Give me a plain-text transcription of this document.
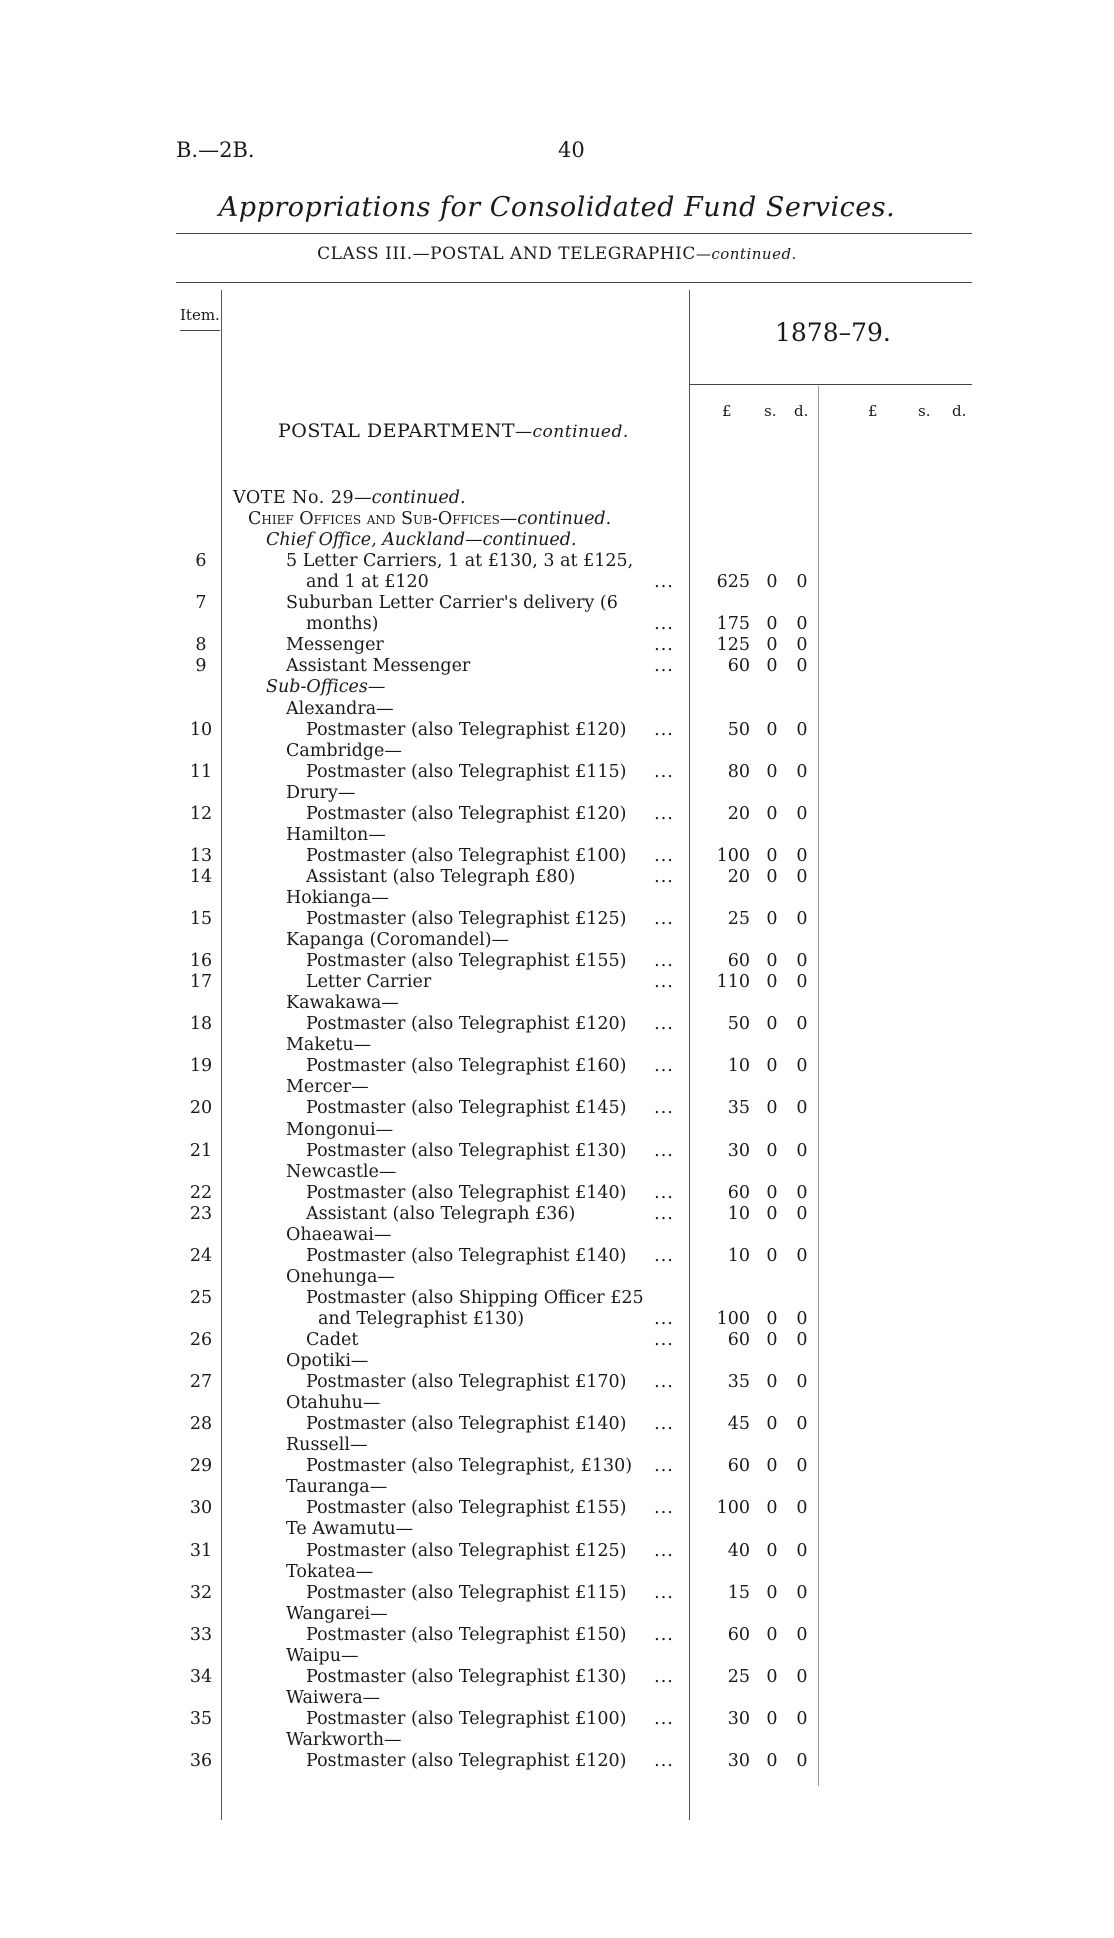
B.—2B.	40
Appropriations for Consolidated Fund Services.
CLASS III.—POSTAL AND TELEGRAPHIC—continued.
Item.
1878–79.
£ s. d.	£	s. d.
POSTAL DEPARTMENT—continued.
VOTE No. 29—continued.
Chief Offices and Sub-Offices—continued.
Chief Office, Auckland—continued.
6	5 Letter Carriers, 1 at £130, 3 at £125,
and 1 at £120	...	625 0 0
7	Suburban Letter Carrier's delivery (6
months)	...	175 0 0
8	Messenger	...	125 0 0
9	Assistant Messenger	...	60 0 0
Sub-Offices—
Alexandra—
10	Postmaster (also Telegraphist £120) ...	50 0 0
Cambridge—
11	Postmaster (also Telegraphist £115) ...	80 0 0
Drury—
12	Postmaster (also Telegraphist £120) ...	20 0 0
Hamilton—
13	Postmaster (also Telegraphist £100) ...	100 0 0
14	Assistant (also Telegraph £80)	...	20 0 0
Hokianga—
15	Postmaster (also Telegraphist £125) ...	25 0 0
Kapanga (Coromandel)—
16	Postmaster (also Telegraphist £155) ...	60 0 0
17	Letter Carrier	...	110 0 0
Kawakawa—
18	Postmaster (also Telegraphist £120) ...	50 0 0
Maketu—
19	Postmaster (also Telegraphist £160) ...	10 0 0
Mercer—
20	Postmaster (also Telegraphist £145) ...	35 0 0
Mongonui—
21	Postmaster (also Telegraphist £130) ...	30 0 0
Newcastle—
22	Postmaster (also Telegraphist £140) ...	60 0 0
23	Assistant (also Telegraph £36)	...	10 0 0
Ohaeawai—
24	Postmaster (also Telegraphist £140) ...	10 0 0
Onehunga—
25	Postmaster (also Shipping Officer £25
and Telegraphist £130)	...	100 0 0
26	Cadet	...	60 0 0
Opotiki—
27	Postmaster (also Telegraphist £170) ...	35 0 0
Otahuhu—
28	Postmaster (also Telegraphist £140) ...	45 0 0
Russell—
29	Postmaster (also Telegraphist, £130) ...	60 0 0
Tauranga—
30	Postmaster (also Telegraphist £155) ...	100 0 0
Te Awamutu—
31	Postmaster (also Telegraphist £125) ...	40 0 0
Tokatea—
32	Postmaster (also Telegraphist £115) ...	15 0 0
Wangarei—
33	Postmaster (also Telegraphist £150) ...	60 0 0
Waipu—
34	Postmaster (also Telegraphist £130) ...	25 0 0
Waiwera—
35	Postmaster (also Telegraphist £100) ...	30 0 0
Warkworth—
36	Postmaster (also Telegraphist £120) ...	30 0 0
